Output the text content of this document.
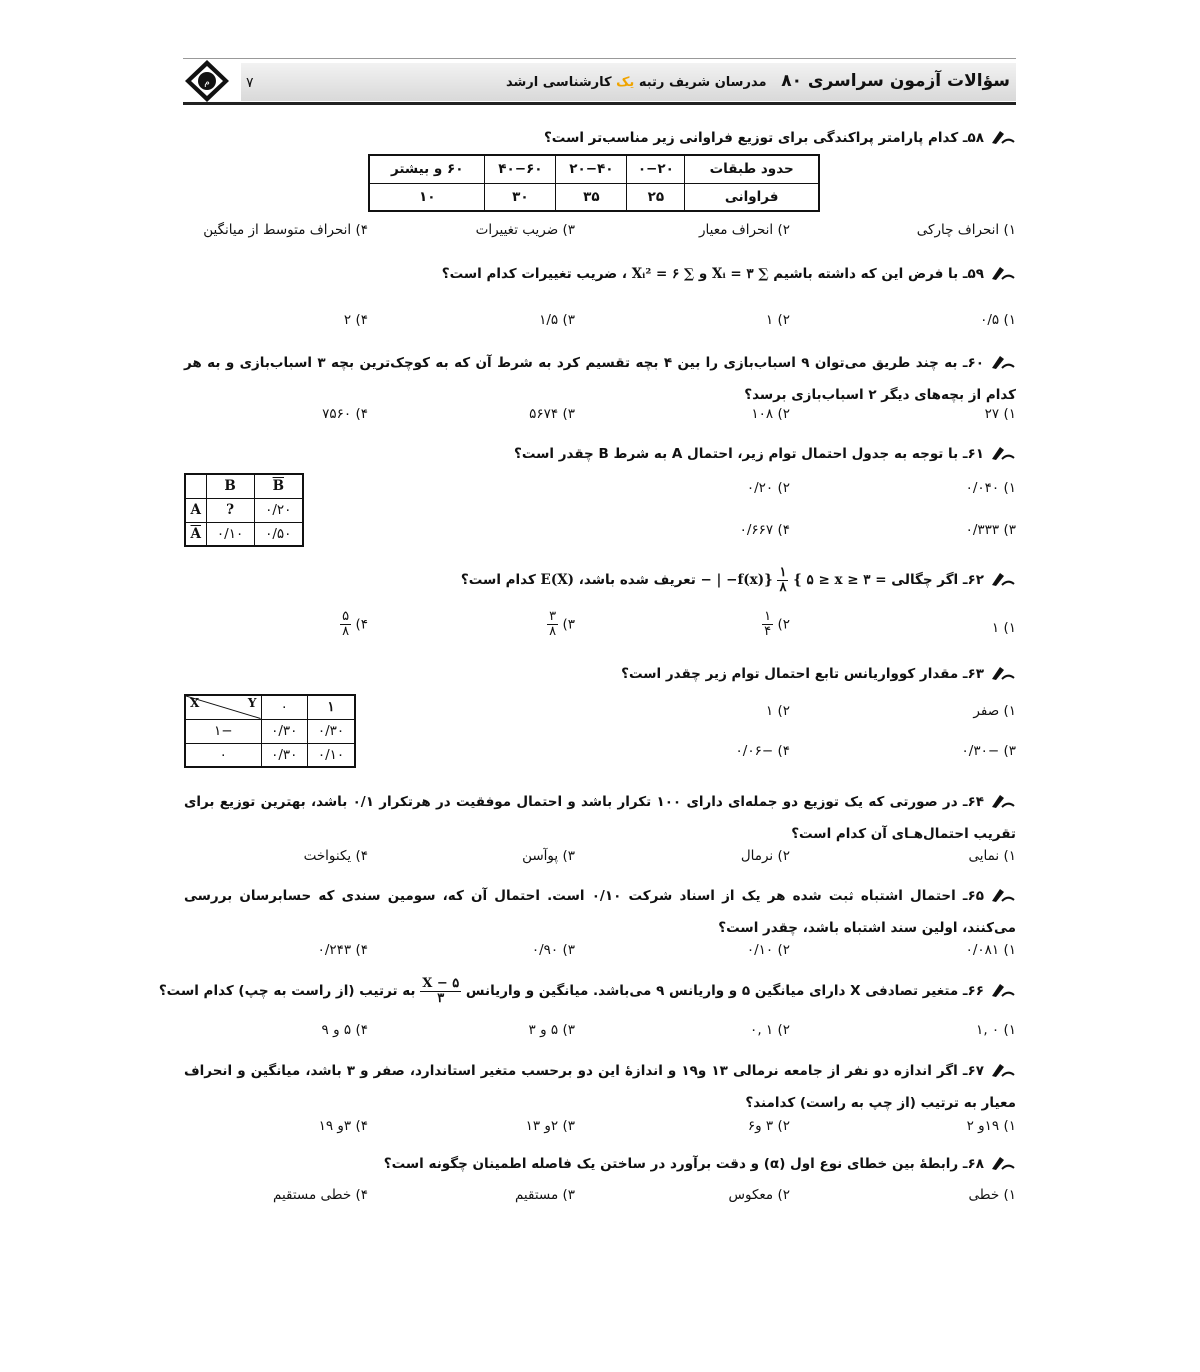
م	۷	مدرسان شریف رتبه یک کارشناسی ارشد	سؤالات آزمون سراسری ۸۰
۵۸ـ کدام پارامتر پراکندگی برای توزیع فراوانی زیر مناسب‌تر است؟
۶۰ و بیشتر	۴۰−۶۰	۲۰−۴۰	۰−۲۰	حدود طبقات
۱۰	۳۰	۳۵	۲۵	فراوانی
۱) انحراف چارکی
۲) انحراف معیار
۳) ضریب تغییرات
۴) انحراف متوسط از میانگین
۵۹ـ با فرض این که داشته باشیم ∑ Xᵢ = ۳ و ∑ Xᵢ² = ۶ ، ضریب تغییرات کدام است؟
۱) ۰/۵
۲) ۱
۳) ۱/۵
۴) ۲
۶۰ـ به چند طریق می‌توان ۹ اسباب‌بازی را بین ۴ بچه تقسیم کرد به شرط آن که به کوچک‌ترین بچه ۳ اسباب‌بازی و به هر کدام از بچه‌های دیگر ۲ اسباب‌بازی برسد؟
۱) ۲۷
۲) ۱۰۸
۳) ۵۶۷۴
۴) ۷۵۶۰
۶۱ـ با توجه به جدول احتمال توام زیر، احتمال A به شرط B چقدر است؟
۱) ۰/۰۴۰
۲) ۰/۲۰
۳) ۰/۳۳۳
۴) ۰/۶۶۷
	B	B
A	?	۰/۲۰
A	۰/۱۰	۰/۵۰
۶۲ـ اگر چگالی = f(x)}
$\frac{۱}{۸}$
{ ۵ ≥ x ≥ ۳− | − تعریف شده باشد، E(X) کدام است؟
۱) ۱
۲)
$\frac{۱}{۴}$
۳)
$\frac{۳}{۸}$
۴)
$\frac{۵}{۸}$
۶۳ـ مقدار کوواریانس تابع احتمال توام زیر چقدر است؟
۱) صفر
۲) ۱
۳) −۰/۳۰
۴) −۰/۰۶
X Y	۰	۱
−۱	۰/۳۰	۰/۳۰
۰	۰/۳۰	۰/۱۰
۶۴ـ در صورتی که یک توزیع دو جمله‌ای دارای ۱۰۰ تکرار باشد و احتمال موفقیت در هرتکرار ۰/۱ باشد، بهترین توزیع برای تقریب احتمال‌هـای آن کدام است؟
۱) نمایی
۲) نرمال
۳) پوآسن
۴) یکنواخت
۶۵ـ احتمال اشتباه ثبت شده هر یک از اسناد شرکت ۰/۱۰ است. احتمال آن که، سومین سندی که حسابرسان بررسی می‌کنند، اولین سند اشتباه باشد، چقدر است؟
۱) ۰/۰۸۱
۲) ۰/۱۰
۳) ۰/۹۰
۴) ۰/۲۴۳
۶۶ـ متغیر تصادفی X دارای میانگین ۵ و واریانس ۹ می‌باشد. میانگین و واریانس
$\frac{X - ۵}{۳}$
به ترتیب (از راست به چپ) کدام است؟
۱) ۰ ,۱
۲) ۱ ,۰
۳) ۵ و ۳
۴) ۵ و ۹
۶۷ـ اگر اندازه دو نفر از جامعه نرمالی ۱۳ و۱۹ و اندازهٔ این دو برحسب متغیر استاندارد، صفر و ۳ باشد، میانگین و انحراف معیار به ترتیب (از چپ به راست) کدامند؟
۱) ۱۹و ۲
۲) ۳ و۶
۳) ۲و ۱۳
۴) ۳و ۱۹
۶۸ـ رابطهٔ بین خطای نوع اول (α) و دقت برآورد در ساختن یک فاصله اطمینان چگونه است؟
۱) خطی
۲) معکوس
۳) مستقیم
۴) خطی مستقیم
